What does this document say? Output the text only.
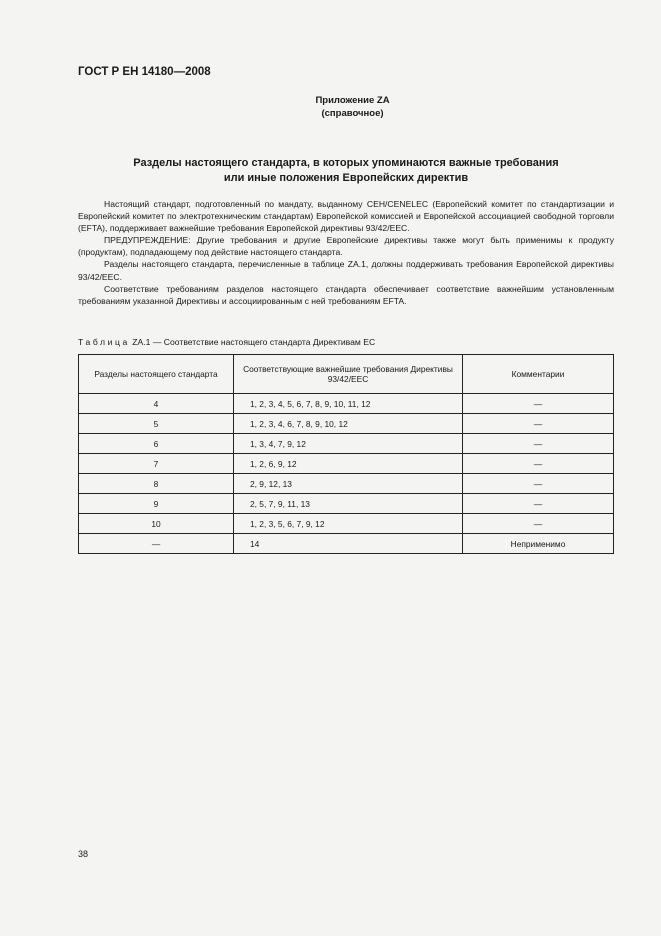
ГОСТ Р ЕН 14180—2008
Приложение ZA
(справочное)
Разделы настоящего стандарта, в которых упоминаются важные требования
или иные положения Европейских директив

Настоящий стандарт, подготовленный по мандату, выданному CEH/CENELEC (Европейский комитет по стандартизации и Европейский комитет по электротехническим стандартам) Европейской комиссией и Европейской ассоциацией свободной торговли (EFTA), поддерживает важнейшие требования Европейской директивы 93/42/EEC.

ПРЕДУПРЕЖДЕНИЕ: Другие требования и другие Европейские директивы также могут быть применимы к продукту (продуктам), подпадающему под действие настоящего стандарта.

Разделы настоящего стандарта, перечисленные в таблице ZA.1, должны поддерживать требования Европейской директивы 93/42/EEC.

Соответствие требованиям разделов настоящего стандарта обеспечивает соответствие важнейшим установленным требованиям указанной Директивы и ассоциированным с ней требованиям EFTA.

Таблица ZA.1 — Соответствие настоящего стандарта Директивам ЕС
Разделы настоящего стандарта	Соответствующие важнейшие требования Директивы 93/42/EEC	Комментарии
4	1, 2, 3, 4, 5, 6, 7, 8, 9, 10, 11, 12	—
5	1, 2, 3, 4, 6, 7, 8, 9, 10, 12	—
6	1, 3, 4, 7, 9, 12	—
7	1, 2, 6, 9, 12	—
8	2, 9, 12, 13	—
9	2, 5, 7, 9, 11, 13	—
10	1, 2, 3, 5, 6, 7, 9, 12	—
—	14	Неприменимо
38
